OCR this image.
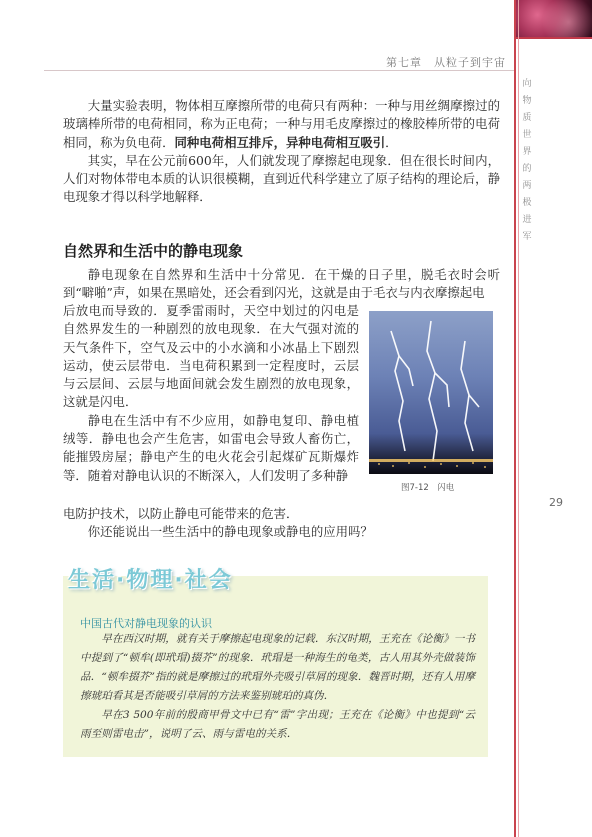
第七章　从粒子到宇宙
向物质世界的两极进军
29

大量实验表明，物体相互摩擦所带的电荷只有两种：一种与用丝绸摩擦过的玻璃棒所带的电荷相同，称为正电荷；一种与用毛皮摩擦过的橡胶棒所带的电荷相同，称为负电荷．同种电荷相互排斥，异种电荷相互吸引．

其实，早在公元前600年，人们就发现了摩擦起电现象．但在很长时间内，人们对物体带电本质的认识很模糊，直到近代科学建立了原子结构的理论后，静电现象才得以科学地解释．

自然界和生活中的静电现象

静电现象在自然界和生活中十分常见．在干燥的日子里，脱毛衣时会听到“噼啪”声，如果在黑暗处，还会看到闪光，这就是由于毛衣与内衣摩擦起电

后放电而导致的．夏季雷雨时，天空中划过的闪电是自然界发生的一种剧烈的放电现象．在大气强对流的天气条件下，空气及云中的小水滴和小冰晶上下剧烈运动，使云层带电．当电荷积累到一定程度时，云层与云层间、云层与地面间就会发生剧烈的放电现象，这就是闪电．

静电在生活中有不少应用，如静电复印、静电植绒等．静电也会产生危害，如雷电会导致人畜伤亡，能摧毁房屋；静电产生的电火花会引起煤矿瓦斯爆炸等．随着对静电认识的不断深入，人们发明了多种静

电防护技术，以防止静电可能带来的危害．

你还能说出一些生活中的静电现象或静电的应用吗？

图7-12　闪电
生活·物理·社会
中国古代对静电现象的认识

早在西汉时期，就有关于摩擦起电现象的记载．东汉时期，王充在《论衡》一书中提到了“顿牟(即玳瑁)掇芥”的现象．玳瑁是一种海生的龟类，古人用其外壳做装饰品．“顿牟掇芥”指的就是摩擦过的玳瑁外壳吸引草屑的现象．魏晋时期，还有人用摩擦琥珀看其是否能吸引草屑的方法来鉴别琥珀的真伪．

早在3 500年前的殷商甲骨文中已有“雷”字出现；王充在《论衡》中也提到“云雨至则雷电击”，说明了云、雨与雷电的关系．
